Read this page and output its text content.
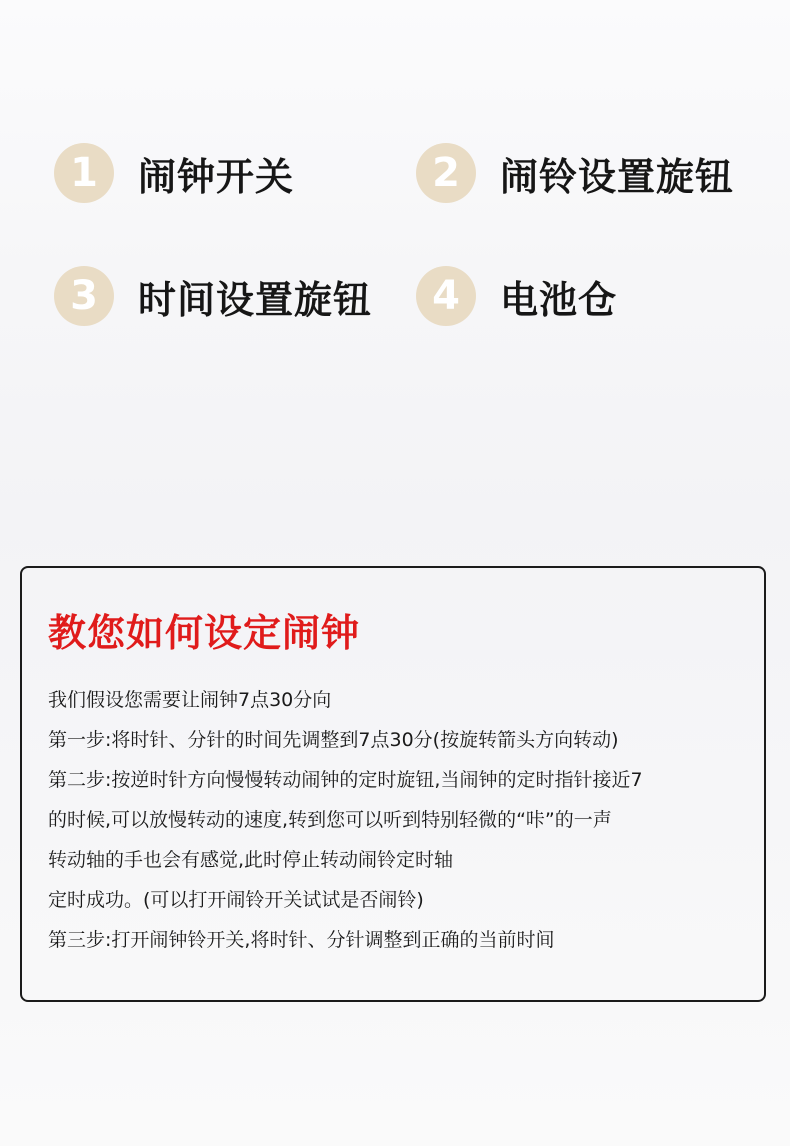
1	闹钟开关	2	闹铃设置旋钮
3	时间设置旋钮	4	电池仓
教您如何设定闹钟
我们假设您需要让闹钟7点30分向
第一步:将时针、分针的时间先调整到7点30分(按旋转箭头方向转动)
第二步:按逆时针方向慢慢转动闹钟的定时旋钮,当闹钟的定时指针接近7
的时候,可以放慢转动的速度,转到您可以听到特别轻微的“咔”的一声
转动轴的手也会有感觉,此时停止转动闹铃定时轴
定时成功。(可以打开闹铃开关试试是否闹铃)
第三步:打开闹钟铃开关,将时针、分针调整到正确的当前时间
